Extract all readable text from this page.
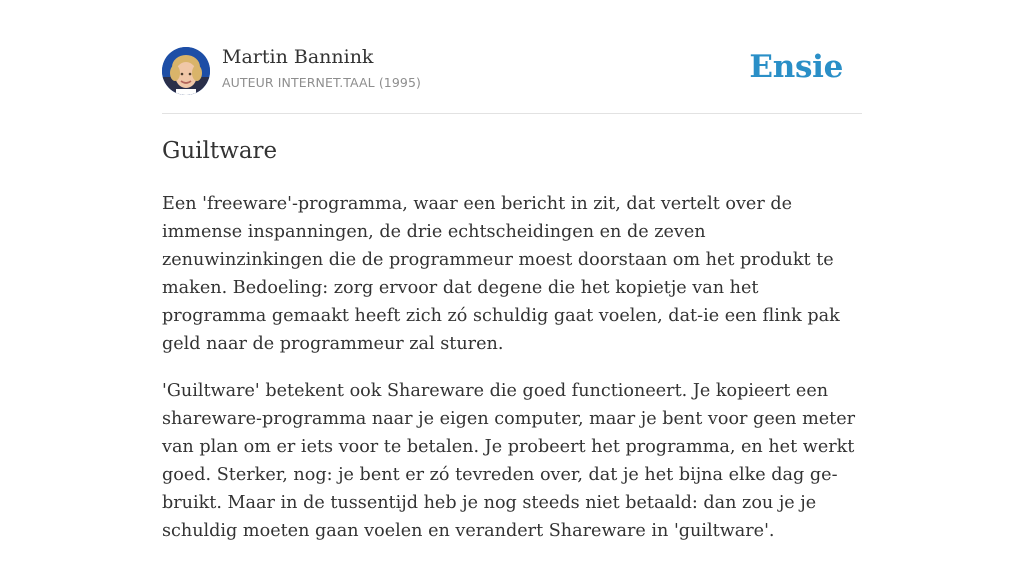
Martin Bannink
AUTEUR INTERNET.TAAL (1995)	Ensie
Guiltware

Een 'freeware'-programma, waar een bericht in zit, dat vertelt over de immense inspanningen, de drie echtscheidingen en de zeven zenuwinzinkingen die de programmeur moest doorstaan om het produkt te maken. Bedoeling: zorg ervoor dat degene die het kopietje van het programma gemaakt heeft zich zó schuldig gaat voelen, dat-ie een flink pak geld naar de programmeur zal sturen.

'Guiltware' betekent ook Shareware die goed functioneert. Je kopieert een shareware-programma naar je eigen computer, maar je bent voor geen meter van plan om er iets voor te betalen. Je probeert het programma, en het werkt goed. Sterker, nog: je bent er zó tevreden over, dat je het bijna elke dag ge-bruikt. Maar in de tussentijd heb je nog steeds niet betaald: dan zou je je schuldig moeten gaan voelen en verandert Shareware in 'guiltware'.
